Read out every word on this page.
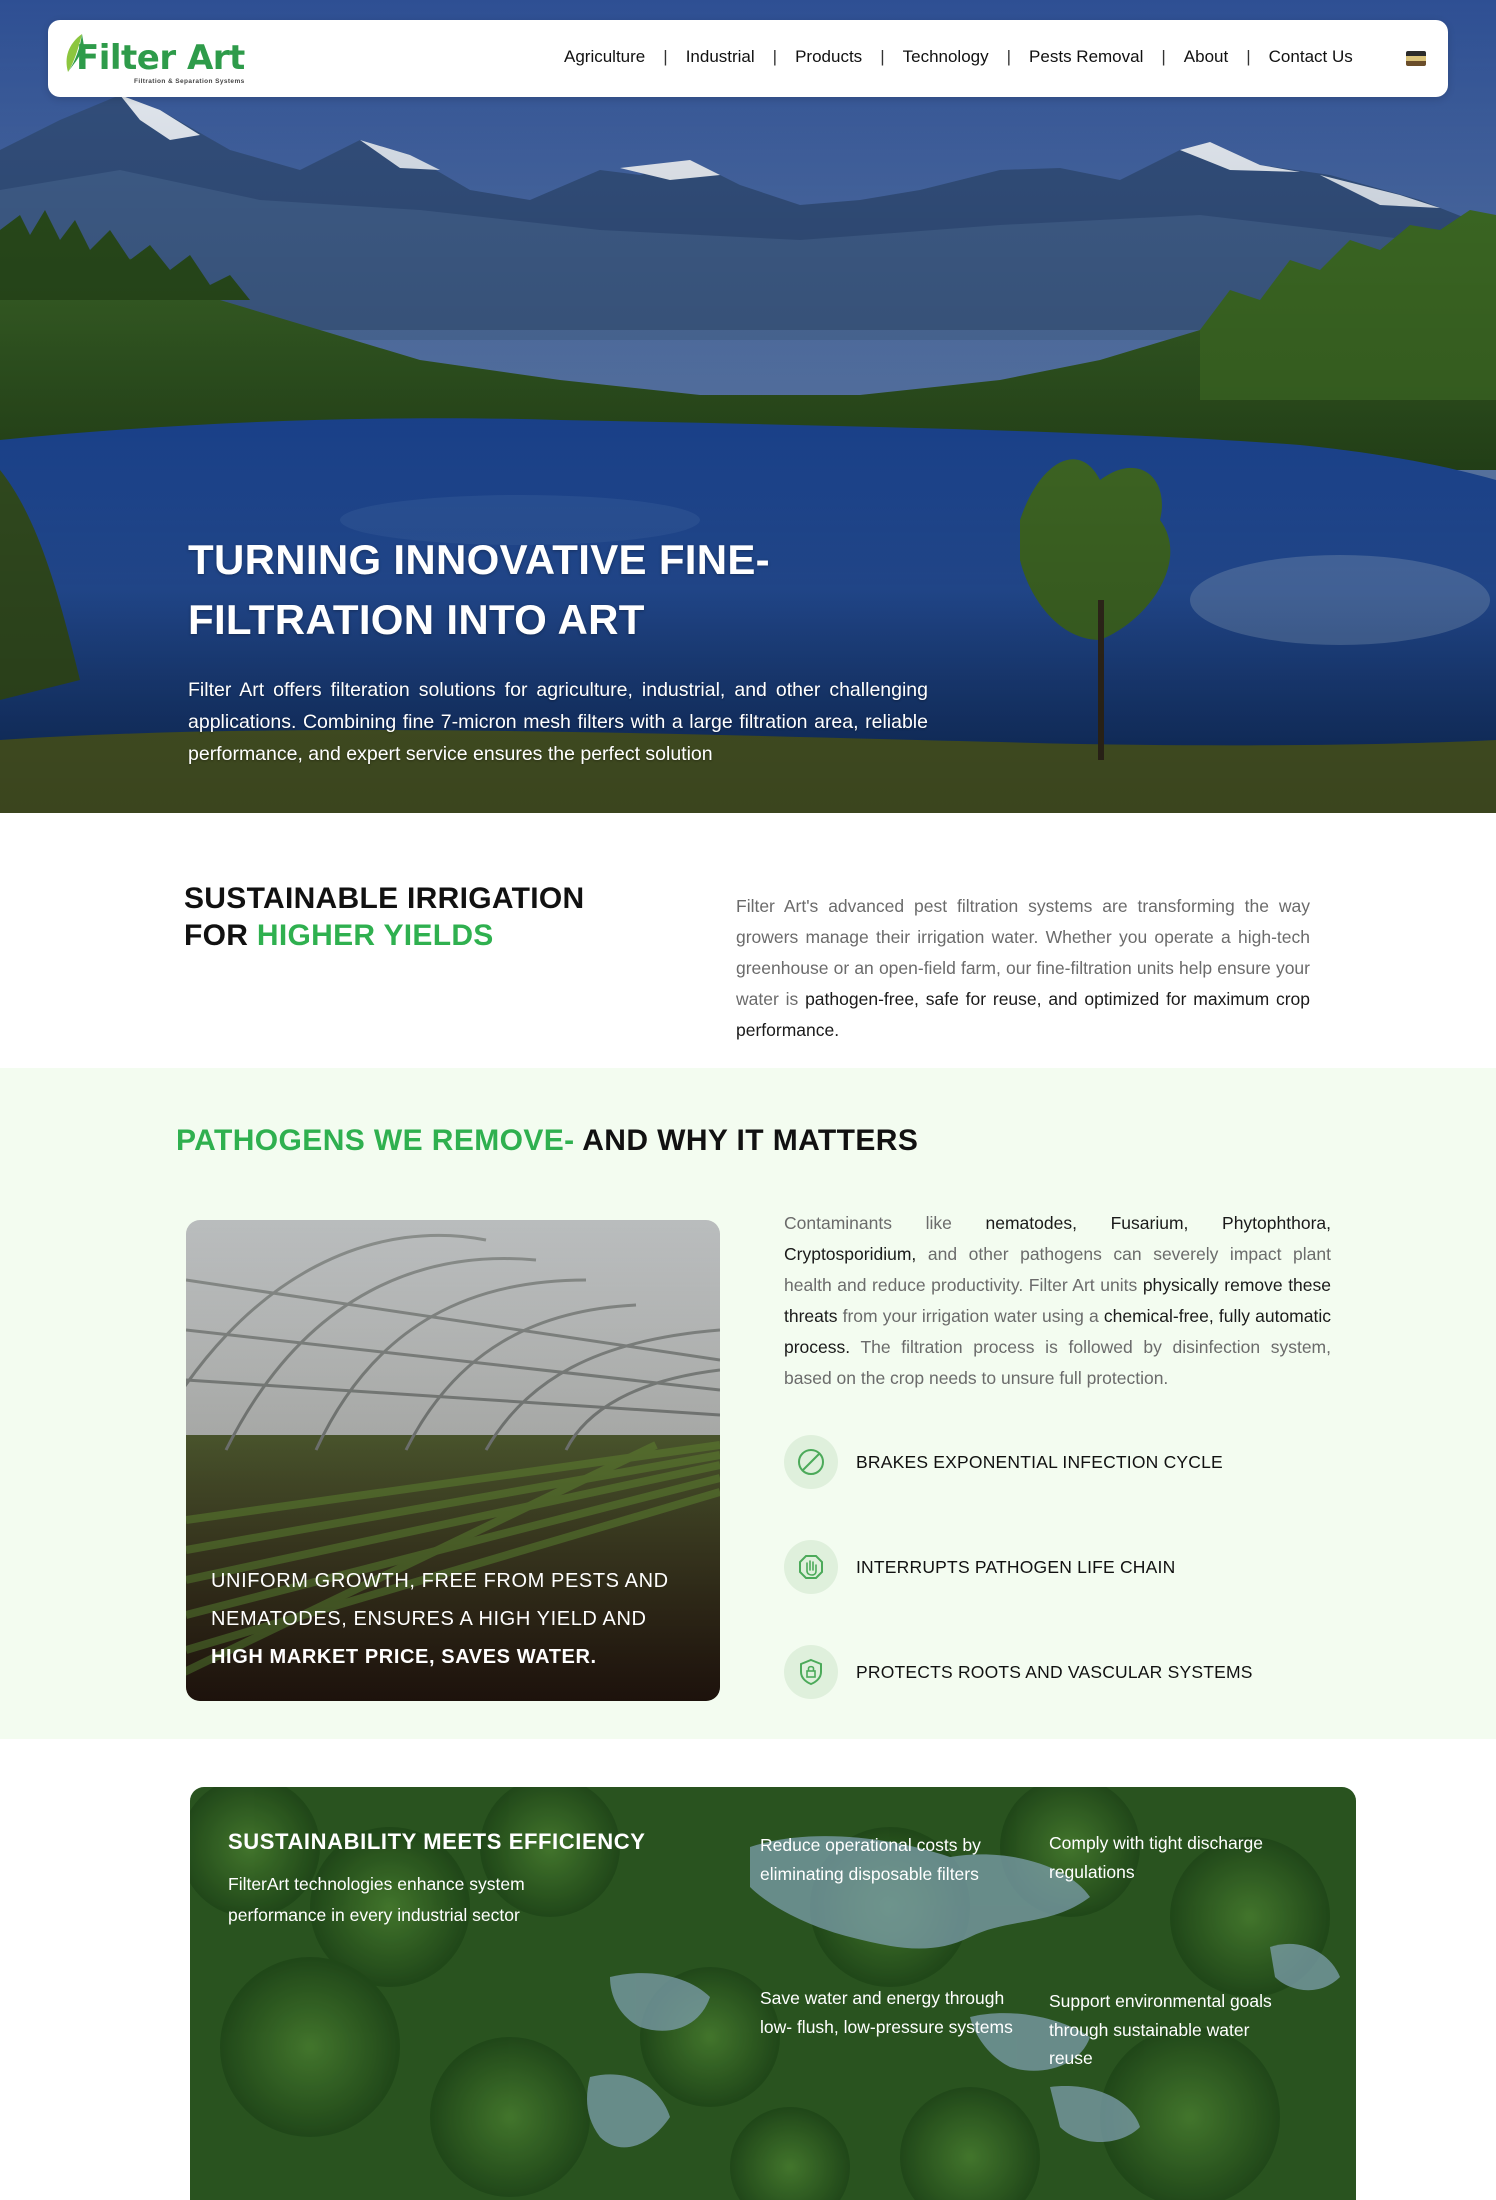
Filter Art
Filtration & Separation Systems
Agriculture | Industrial | Products | Technology | Pests Removal | About | Contact Us
TURNING INNOVATIVE FINE-
FILTRATION INTO ART

Filter Art offers filteration solutions for agriculture, industrial, and other challenging applications. Combining fine 7-micron mesh filters with a large filtration area, reliable performance, and expert service ensures the perfect solution

SUSTAINABLE IRRIGATION
FOR HIGHER YIELDS

Filter Art's advanced pest filtration systems are transforming the way growers manage their irrigation water. Whether you operate a high-tech greenhouse or an open-field farm, our fine-filtration units help ensure your water is pathogen-free, safe for reuse, and optimized for maximum crop performance.

PATHOGENS WE REMOVE- AND WHY IT MATTERS
UNIFORM GROWTH, FREE FROM PESTS AND
NEMATODES, ENSURES A HIGH YIELD AND
HIGH MARKET PRICE, SAVES WATER.

Contaminants like nematodes, Fusarium, Phytophthora, Cryptosporidium, and other pathogens can severely impact plant health and reduce productivity. Filter Art units physically remove these threats from your irrigation water using a chemical-free, fully automatic process. The filtration process is followed by disinfection system, based on the crop needs to unsure full protection.

BRAKES EXPONENTIAL INFECTION CYCLE
INTERRUPTS PATHOGEN LIFE CHAIN
PROTECTS ROOTS AND VASCULAR SYSTEMS
SUSTAINABILITY MEETS EFFICIENCY

FilterArt technologies enhance system performance in every industrial sector

Reduce operational costs by eliminating disposable filters

Comply with tight discharge regulations

Save water and energy through low- flush, low-pressure systems

Support environmental goals through sustainable water reuse
